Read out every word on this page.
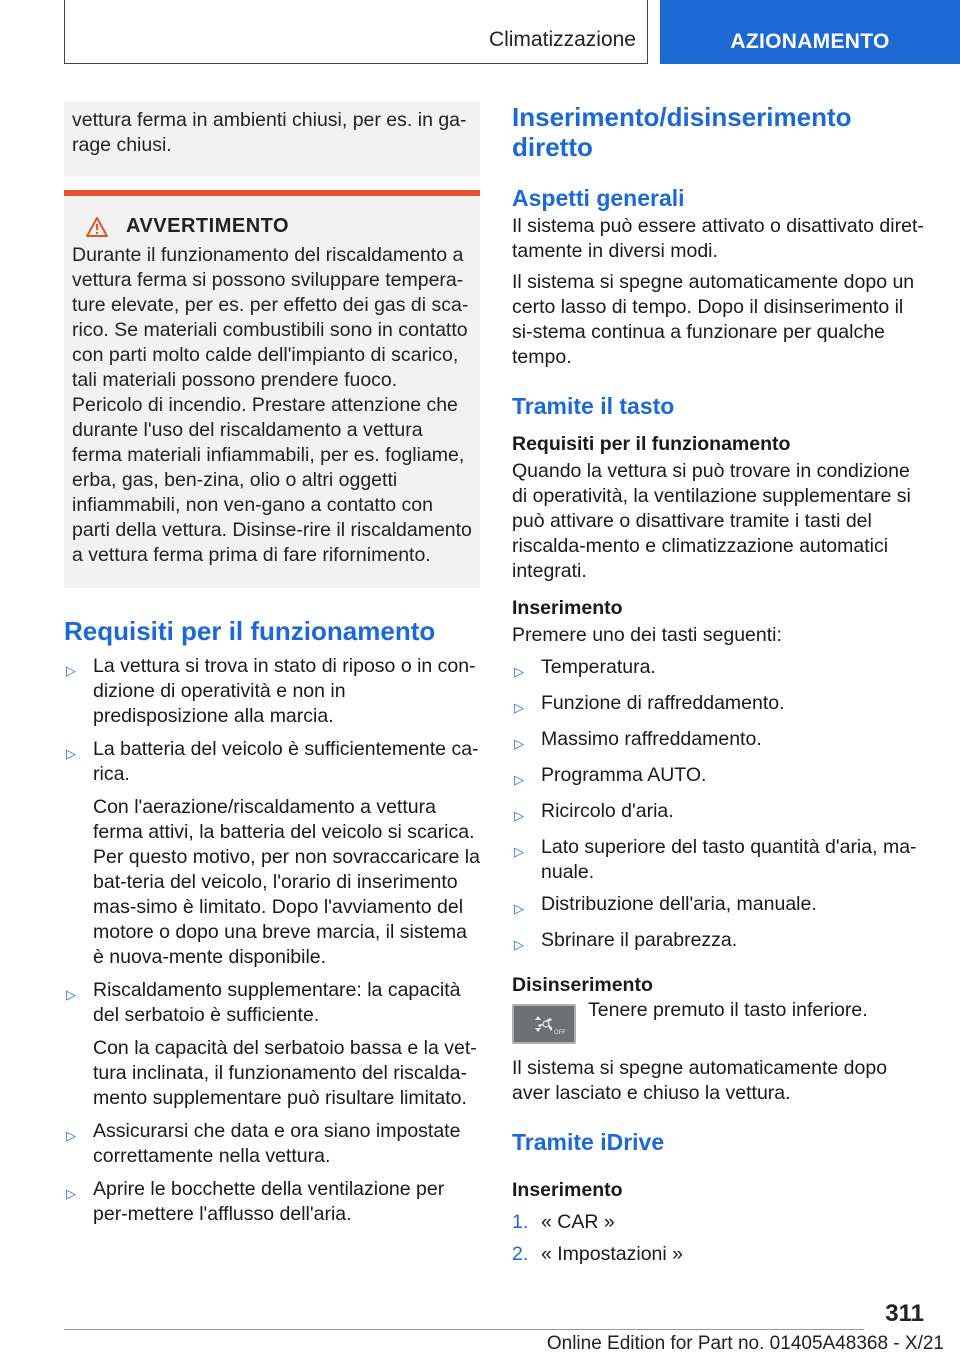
Climatizzazione	AZIONAMENTO
vettura ferma in ambienti chiusi, per es. in ga-rage chiusi.
AVVERTIMENTO
Durante il funzionamento del riscaldamento a vettura ferma si possono sviluppare tempera-ture elevate, per es. per effetto dei gas di sca-rico. Se materiali combustibili sono in contatto con parti molto calde dell'impianto di scarico, tali materiali possono prendere fuoco. Pericolo di incendio. Prestare attenzione che durante l'uso del riscaldamento a vettura ferma materiali infiammabili, per es. fogliame, erba, gas, ben-zina, olio o altri oggetti infiammabili, non ven-gano a contatto con parti della vettura. Disinse-rire il riscaldamento a vettura ferma prima di fare rifornimento.
Requisiti per il funzionamento
▷ La vettura si trova in stato di riposo o in con-dizione di operatività e non in predisposizione alla marcia.
▷ La batteria del veicolo è sufficientemente ca-rica.
Con l'aerazione/riscaldamento a vettura ferma attivi, la batteria del veicolo si scarica. Per questo motivo, per non sovraccaricare la bat-teria del veicolo, l'orario di inserimento mas-simo è limitato. Dopo l'avviamento del motore o dopo una breve marcia, il sistema è nuova-mente disponibile.
▷ Riscaldamento supplementare: la capacità del serbatoio è sufficiente.
Con la capacità del serbatoio bassa e la vet-tura inclinata, il funzionamento del riscalda-mento supplementare può risultare limitato.
▷ Assicurarsi che data e ora siano impostate correttamente nella vettura.
▷ Aprire le bocchette della ventilazione per per-mettere l'afflusso dell'aria.
Inserimento/disinserimento diretto
Aspetti generali

Il sistema può essere attivato o disattivato diret-tamente in diversi modi.

Il sistema si spegne automaticamente dopo un certo lasso di tempo. Dopo il disinserimento il si-stema continua a funzionare per qualche tempo.

Tramite il tasto

Requisiti per il funzionamento

Quando la vettura si può trovare in condizione di operatività, la ventilazione supplementare si può attivare o disattivare tramite i tasti del riscalda-mento e climatizzazione automatici integrati.

Inserimento

Premere uno dei tasti seguenti:

▷ Temperatura.
▷ Funzione di raffreddamento.
▷ Massimo raffreddamento.
▷ Programma AUTO.
▷ Ricircolo d'aria.
▷ Lato superiore del tasto quantità d'aria, ma-nuale.
▷ Distribuzione dell'aria, manuale.
▷ Sbrinare il parabrezza.

Disinserimento

OFF

Tenere premuto il tasto inferiore.

Il sistema si spegne automaticamente dopo aver lasciato e chiuso la vettura.

Tramite iDrive

Inserimento

1. « CAR »
2. « Impostazioni »
311
Online Edition for Part no. 01405A48368 - X/21
